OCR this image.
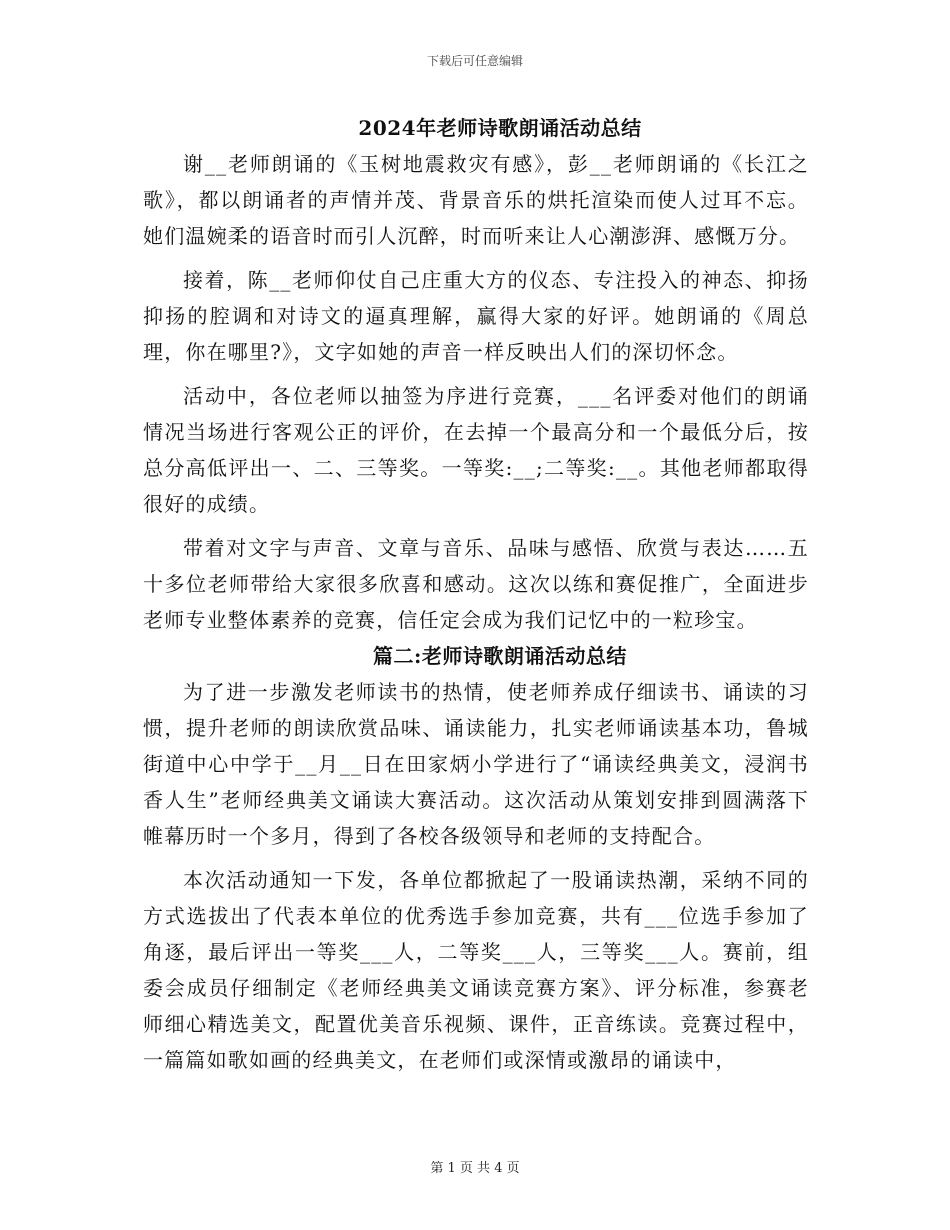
下载后可任意编辑
2024年老师诗歌朗诵活动总结

谢__老师朗诵的《玉树地震救灾有感》，彭__老师朗诵的《长江之歌》，都以朗诵者的声情并茂、背景音乐的烘托渲染而使人过耳不忘。她们温婉柔的语音时而引人沉醉，时而听来让人心潮澎湃、感慨万分。

接着，陈__老师仰仗自己庄重大方的仪态、专注投入的神态、抑扬抑扬的腔调和对诗文的逼真理解，赢得大家的好评。她朗诵的《周总理，你在哪里?》，文字如她的声音一样反映出人们的深切怀念。

活动中，各位老师以抽签为序进行竞赛，___名评委对他们的朗诵情况当场进行客观公正的评价，在去掉一个最高分和一个最低分后，按总分高低评出一、二、三等奖。一等奖:__;二等奖:__。其他老师都取得很好的成绩。

带着对文字与声音、文章与音乐、品味与感悟、欣赏与表达……五十多位老师带给大家很多欣喜和感动。这次以练和赛促推广，全面进步老师专业整体素养的竞赛，信任定会成为我们记忆中的一粒珍宝。

篇二:老师诗歌朗诵活动总结

为了进一步激发老师读书的热情，使老师养成仔细读书、诵读的习惯，提升老师的朗读欣赏品味、诵读能力，扎实老师诵读基本功，鲁城街道中心中学于__月__日在田家炳小学进行了“诵读经典美文，浸润书香人生”老师经典美文诵读大赛活动。这次活动从策划安排到圆满落下帷幕历时一个多月，得到了各校各级领导和老师的支持配合。

本次活动通知一下发，各单位都掀起了一股诵读热潮，采纳不同的方式选拔出了代表本单位的优秀选手参加竞赛，共有___位选手参加了角逐，最后评出一等奖___人，二等奖___人，三等奖___人。赛前，组委会成员仔细制定《老师经典美文诵读竞赛方案》、评分标准，参赛老师细心精选美文，配置优美音乐视频、课件，正音练读。竞赛过程中，一篇篇如歌如画的经典美文，在老师们或深情或激昂的诵读中，

第 1 页 共 4 页
